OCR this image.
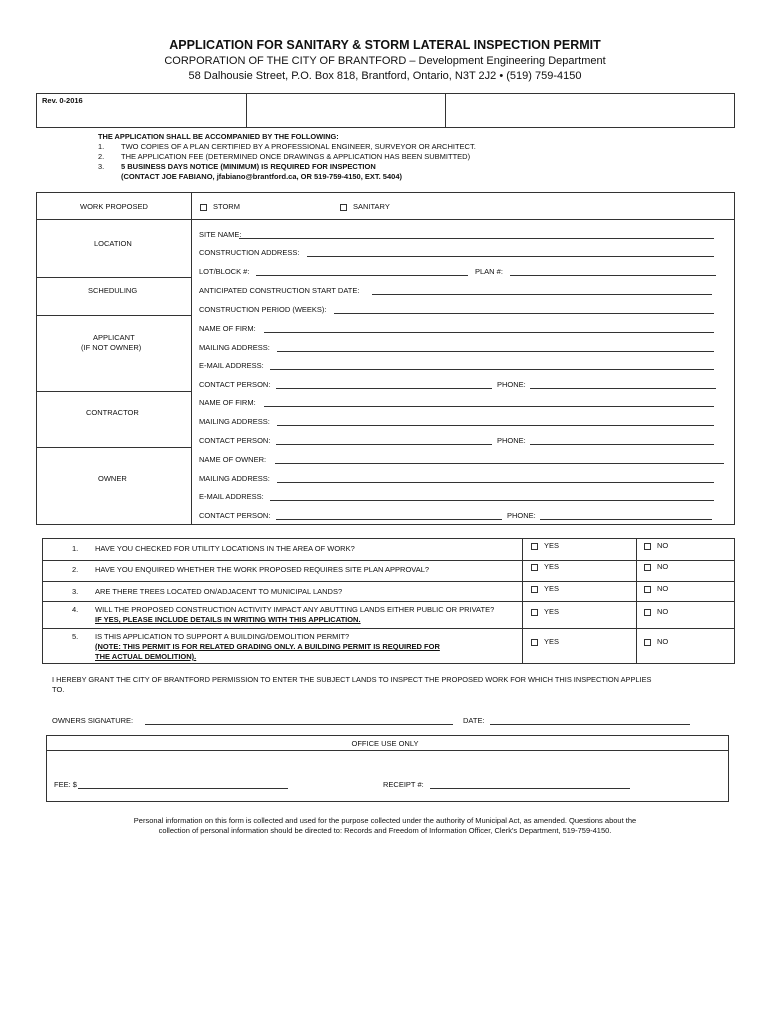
APPLICATION FOR SANITARY & STORM LATERAL INSPECTION PERMIT
CORPORATION OF THE CITY OF BRANTFORD – Development Engineering Department
58 Dalhousie Street, P.O. Box 818, Brantford, Ontario, N3T 2J2 • (519) 759-4150
Rev. 0-2016
THE APPLICATION SHALL BE ACCOMPANIED BY THE FOLLOWING:
1. TWO COPIES OF A PLAN CERTIFIED BY A PROFESSIONAL ENGINEER, SURVEYOR OR ARCHITECT.
2. THE APPLICATION FEE (DETERMINED ONCE DRAWINGS & APPLICATION HAS BEEN SUBMITTED)
3. 5 BUSINESS DAYS NOTICE (MINIMUM) IS REQUIRED FOR INSPECTION
(CONTACT JOE FABIANO, jfabiano@brantford.ca, OR 519-759-4150, EXT. 5404)
WORK PROPOSED	STORM	SANITARY
LOCATION
SITE NAME:
CONSTRUCTION ADDRESS:
LOT/BLOCK #:	PLAN #:
SCHEDULING	ANTICIPATED CONSTRUCTION START DATE:
CONSTRUCTION PERIOD (WEEKS):
APPLICANT
(IF NOT OWNER)
NAME OF FIRM:
MAILING ADDRESS:
E-MAIL ADDRESS:
CONTACT PERSON:	PHONE:
CONTRACTOR
NAME OF FIRM:
MAILING ADDRESS:
CONTACT PERSON:	PHONE:
OWNER
NAME OF OWNER:
MAILING ADDRESS:
E-MAIL ADDRESS:
CONTACT PERSON:	PHONE:
1. HAVE YOU CHECKED FOR UTILITY LOCATIONS IN THE AREA OF WORK?	YES	NO
2. HAVE YOU ENQUIRED WHETHER THE WORK PROPOSED REQUIRES SITE PLAN APPROVAL?	YES	NO
3. ARE THERE TREES LOCATED ON/ADJACENT TO MUNICIPAL LANDS?	YES	NO
4. WILL THE PROPOSED CONSTRUCTION ACTIVITY IMPACT ANY ABUTTING LANDS EITHER PUBLIC OR PRIVATE?
IF YES, PLEASE INCLUDE DETAILS IN WRITING WITH THIS APPLICATION.
YES	NO
5. IS THIS APPLICATION TO SUPPORT A BUILDING/DEMOLITION PERMIT?
(NOTE: THIS PERMIT IS FOR RELATED GRADING ONLY. A BUILDING PERMIT IS REQUIRED FOR
THE ACTUAL DEMOLITION).
YES	NO
I HEREBY GRANT THE CITY OF BRANTFORD PERMISSION TO ENTER THE SUBJECT LANDS TO INSPECT THE PROPOSED WORK FOR WHICH THIS INSPECTION APPLIES
TO.
OWNERS SIGNATURE:	DATE:
OFFICE USE ONLY
FEE: $	RECEIPT #:
Personal information on this form is collected and used for the purpose collected under the authority of Municipal Act, as amended. Questions about the
collection of personal information should be directed to: Records and Freedom of Information Officer, Clerk's Department, 519-759-4150.
